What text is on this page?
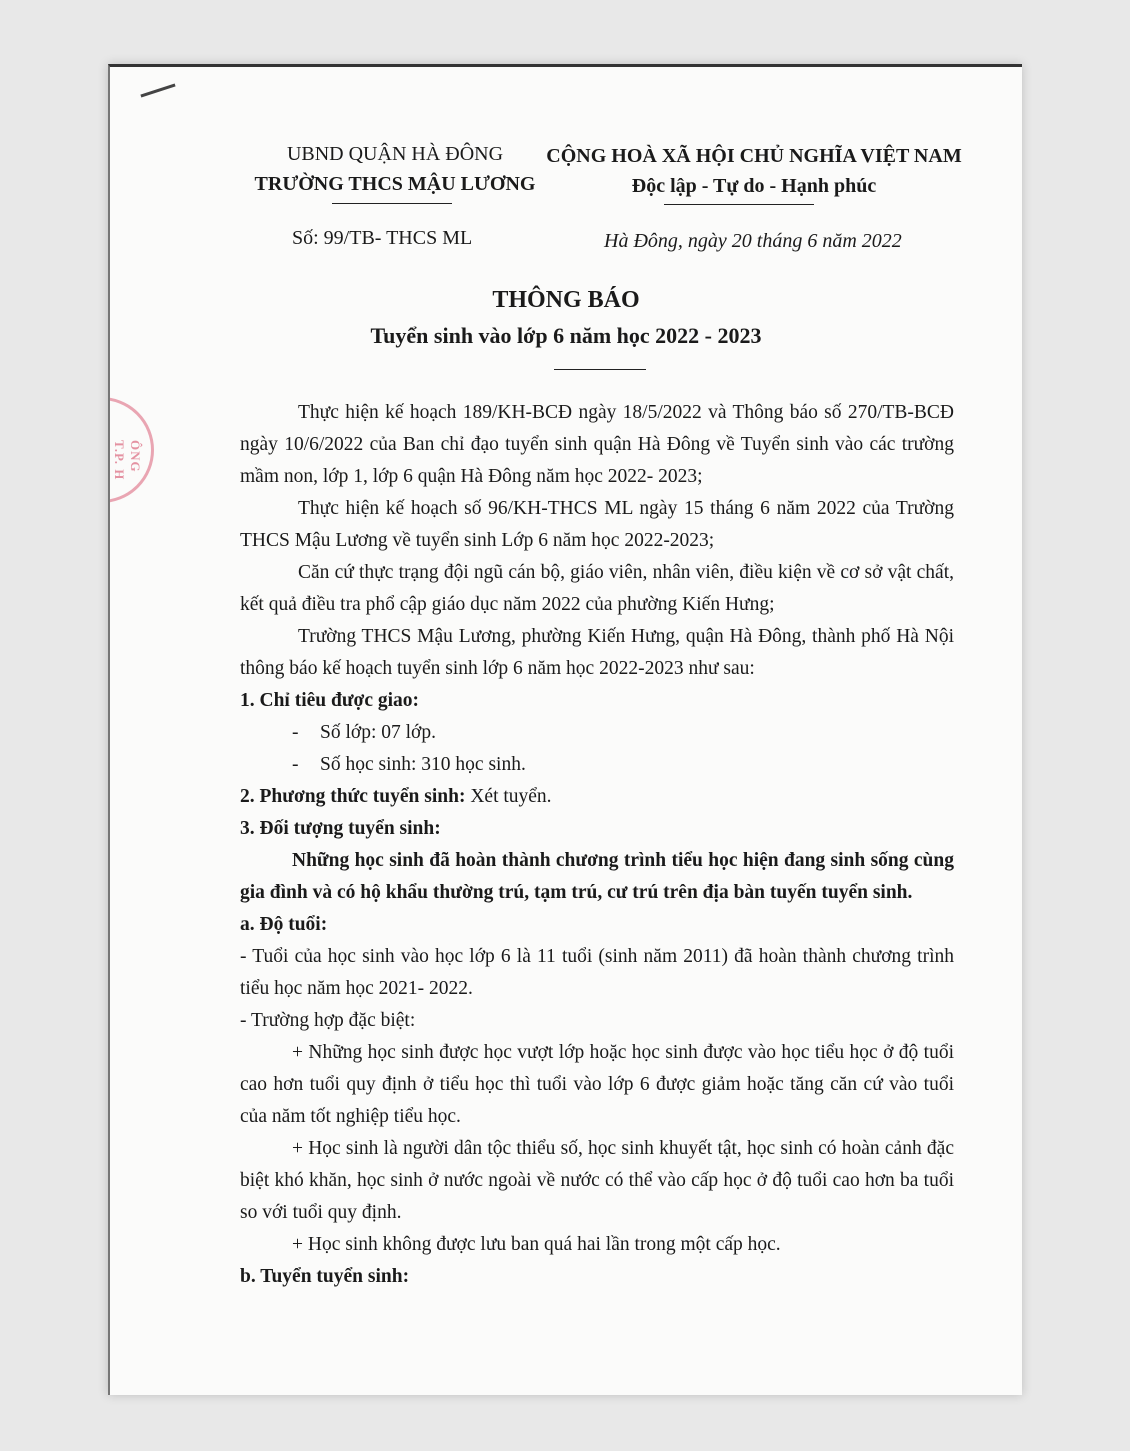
ÔNG T.P. H
UBND QUẬN HÀ ĐÔNG
TRƯỜNG THCS MẬU LƯƠNG
CỘNG HOÀ XÃ HỘI CHỦ NGHĨA VIỆT NAM
Độc lập - Tự do - Hạnh phúc
Số: 99/TB- THCS ML	Hà Đông, ngày 20 tháng 6 năm 2022
THÔNG BÁO
Tuyển sinh vào lớp 6 năm học 2022 - 2023

Thực hiện kế hoạch 189/KH-BCĐ ngày 18/5/2022 và Thông báo số 270/TB-BCĐ ngày 10/6/2022 của Ban chỉ đạo tuyển sinh quận Hà Đông về Tuyển sinh vào các trường mầm non, lớp 1, lớp 6 quận Hà Đông năm học 2022- 2023;

Thực hiện kế hoạch số 96/KH-THCS ML ngày 15 tháng 6 năm 2022 của Trường THCS Mậu Lương về tuyển sinh Lớp 6 năm học 2022-2023;

Căn cứ thực trạng đội ngũ cán bộ, giáo viên, nhân viên, điều kiện về cơ sở vật chất, kết quả điều tra phổ cập giáo dục năm 2022 của phường Kiến Hưng;

Trường THCS Mậu Lương, phường Kiến Hưng, quận Hà Đông, thành phố Hà Nội thông báo kế hoạch tuyển sinh lớp 6 năm học 2022-2023 như sau:

1. Chỉ tiêu được giao:

- Số lớp: 07 lớp.

- Số học sinh: 310 học sinh.

2. Phương thức tuyển sinh: Xét tuyển.

3. Đối tượng tuyển sinh:

Những học sinh đã hoàn thành chương trình tiểu học hiện đang sinh sống cùng gia đình và có hộ khẩu thường trú, tạm trú, cư trú trên địa bàn tuyến tuyển sinh.

a. Độ tuổi:

- Tuổi của học sinh vào học lớp 6 là 11 tuổi (sinh năm 2011) đã hoàn thành chương trình tiểu học năm học 2021- 2022.

- Trường hợp đặc biệt:

+ Những học sinh được học vượt lớp hoặc học sinh được vào học tiểu học ở độ tuổi cao hơn tuổi quy định ở tiểu học thì tuổi vào lớp 6 được giảm hoặc tăng căn cứ vào tuổi của năm tốt nghiệp tiểu học.

+ Học sinh là người dân tộc thiểu số, học sinh khuyết tật, học sinh có hoàn cảnh đặc biệt khó khăn, học sinh ở nước ngoài về nước có thể vào cấp học ở độ tuổi cao hơn ba tuổi so với tuổi quy định.

+ Học sinh không được lưu ban quá hai lần trong một cấp học.

b. Tuyển tuyển sinh:
